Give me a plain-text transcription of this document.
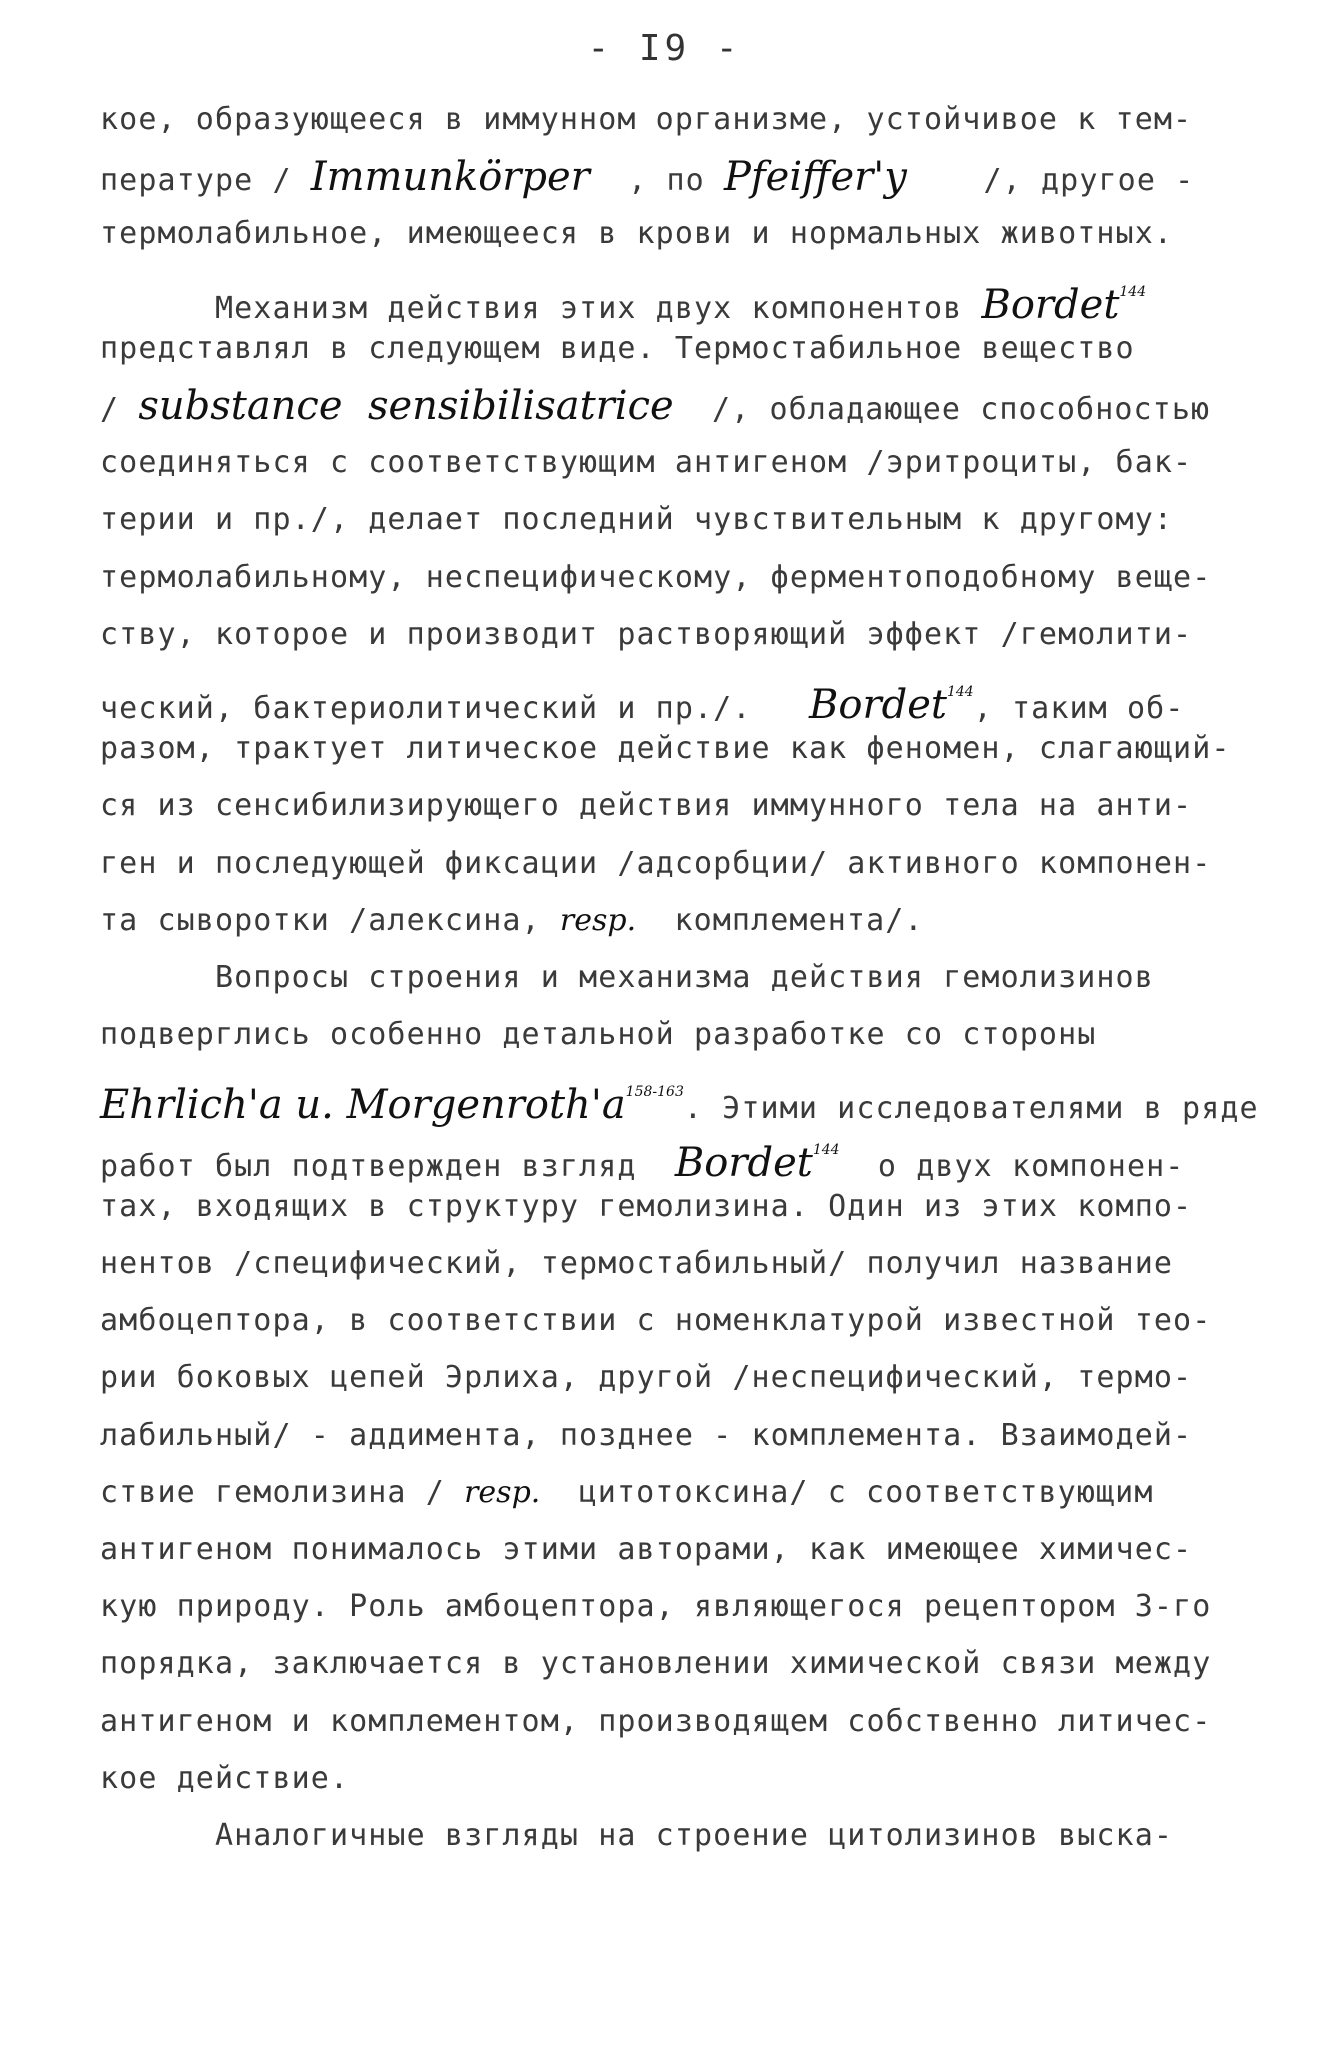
- I9 -
кое, образующееся в иммунном организме, устойчивое к тем-
пературе / Immunkörper  , по Pfeiffer'y    /, другое -
термолабильное, имеющееся в крови и нормальных животных.
Механизм действия этих двух компонентов Bordet$^{144}$
представлял в следующем виде. Термостабильное вещество
/ substance  sensibilisatrice  /, обладающее способностью
соединяться с соответствующим антигеном /эритроциты, бак-
терии и пр./, делает последний чувствительным к другому:
термолабильному, неспецифическому, ферментоподобному веще-
ству, которое и производит растворяющий эффект /гемолити-
ческий, бактериолитический и пр./.   Bordet$^{144}$, таким об-
разом, трактует литическое действие как феномен, слагающий-
ся из сенсибилизирующего действия иммунного тела на анти-
ген и последующей фиксации /адсорбции/ активного компонен-
та сыворотки /алексина, resp.  комплемента/.
Вопросы строения и механизма действия гемолизинов
подверглись особенно детальной разработке со стороны
Ehrlich'a u. $Morgenroth'a^{158-163}$. Этими исследователями в ряде
работ был подтвержден взгляд  Bordet$^{144}$  о двух компонен-
тах, входящих в структуру гемолизина. Один из этих компо-
нентов /специфический, термостабильный/ получил название
амбоцептора, в соответствии с номенклатурой известной тео-
рии боковых цепей Эрлиха, другой /неспецифический, термо-
лабильный/ - аддимента, позднее - комплемента. Взаимодей-
ствие гемолизина / resp.  цитотоксина/ с соответствующим
антигеном понималось этими авторами, как имеющее химичес-
кую природу. Роль амбоцептора, являющегося рецептором 3-го
порядка, заключается в установлении химической связи между
антигеном и комплементом, производящем собственно литичес-
кое действие.
Аналогичные взгляды на строение цитолизинов выска-
